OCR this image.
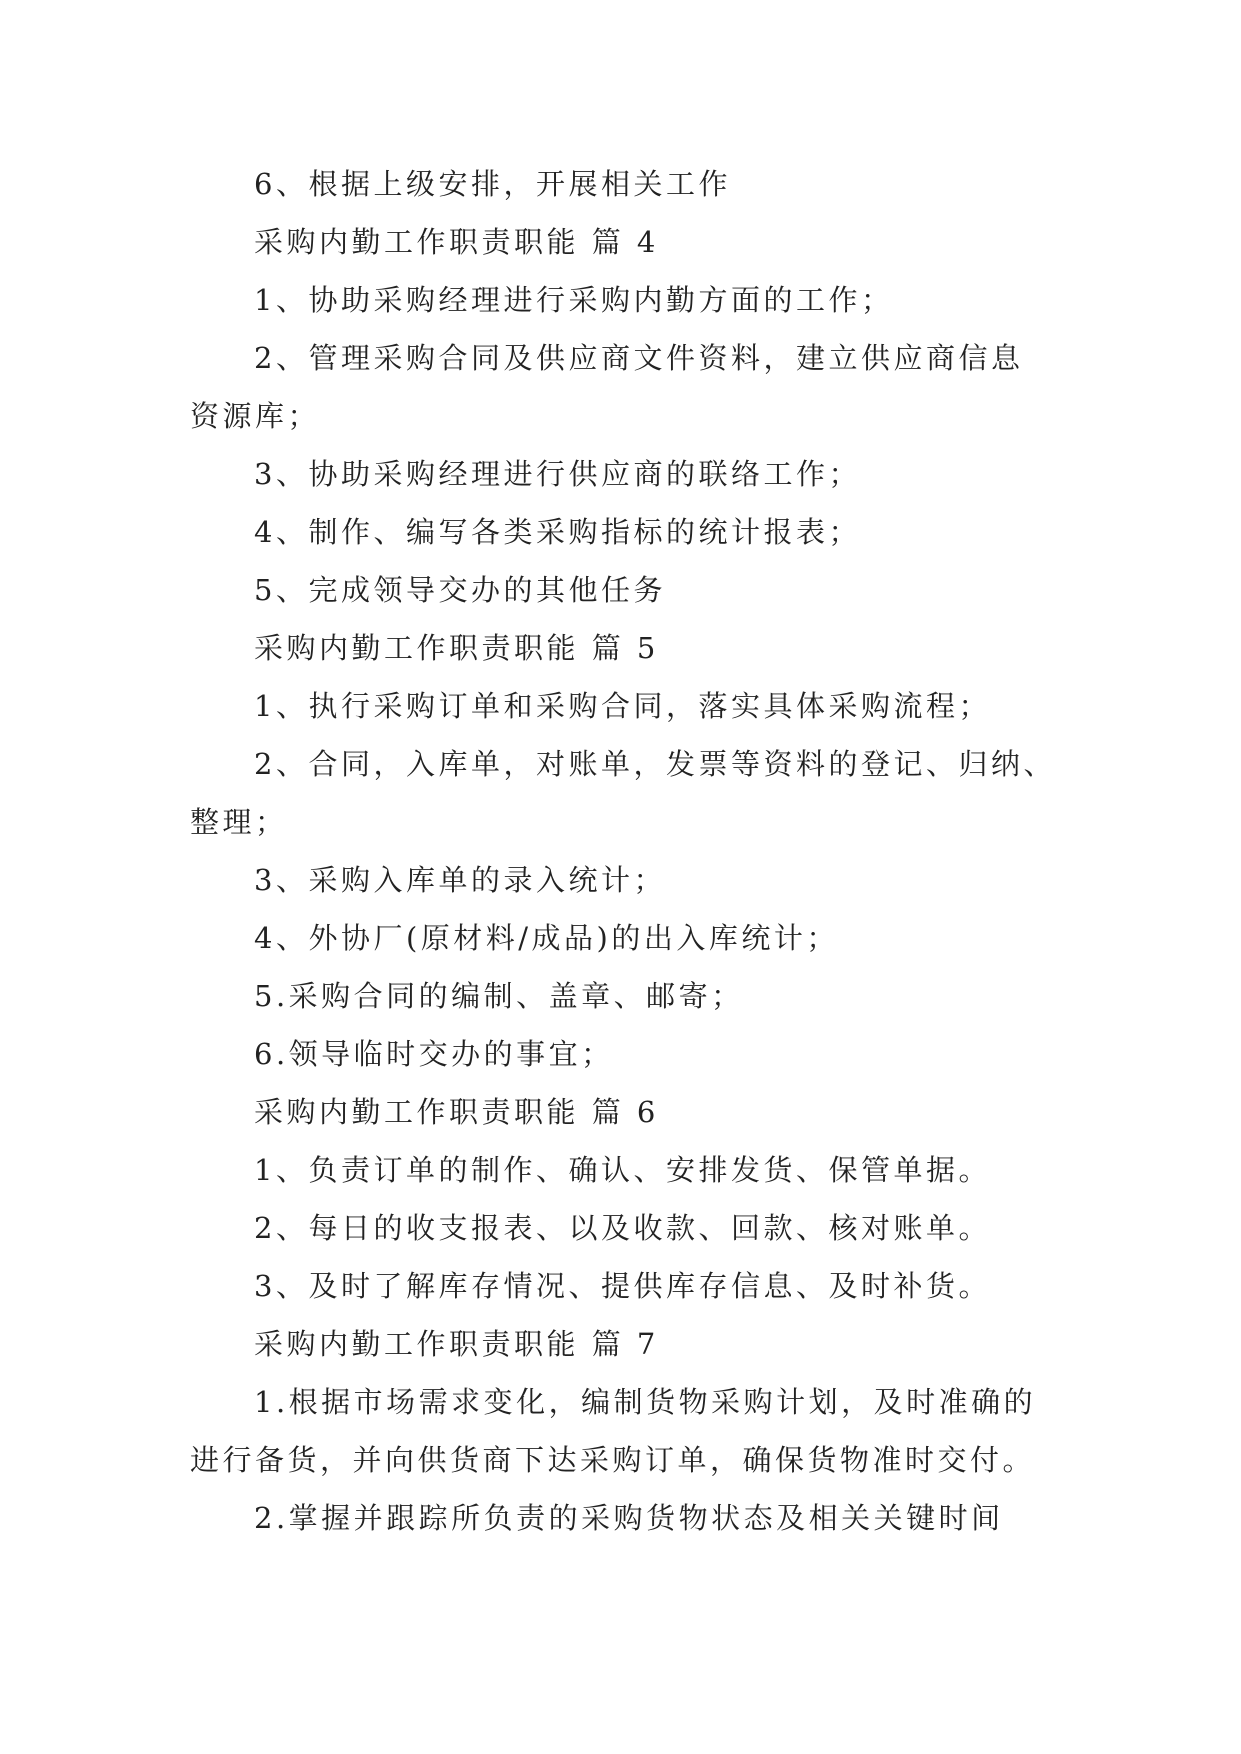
6、根据上级安排，开展相关工作

采购内勤工作职责职能 篇 4

1、协助采购经理进行采购内勤方面的工作；

2、管理采购合同及供应商文件资料，建立供应商信息

资源库；

3、协助采购经理进行供应商的联络工作；

4、制作、编写各类采购指标的统计报表；

5、完成领导交办的其他任务

采购内勤工作职责职能 篇 5

1、执行采购订单和采购合同，落实具体采购流程；

2、合同，入库单，对账单，发票等资料的登记、归纳、

整理；

3、采购入库单的录入统计；

4、外协厂(原材料/成品)的出入库统计；

5.采购合同的编制、盖章、邮寄；

6.领导临时交办的事宜；

采购内勤工作职责职能 篇 6

1、负责订单的制作、确认、安排发货、保管单据。

2、每日的收支报表、以及收款、回款、核对账单。

3、及时了解库存情况、提供库存信息、及时补货。

采购内勤工作职责职能 篇 7

1.根据市场需求变化，编制货物采购计划，及时准确的

进行备货，并向供货商下达采购订单，确保货物准时交付。

2.掌握并跟踪所负责的采购货物状态及相关关键时间
